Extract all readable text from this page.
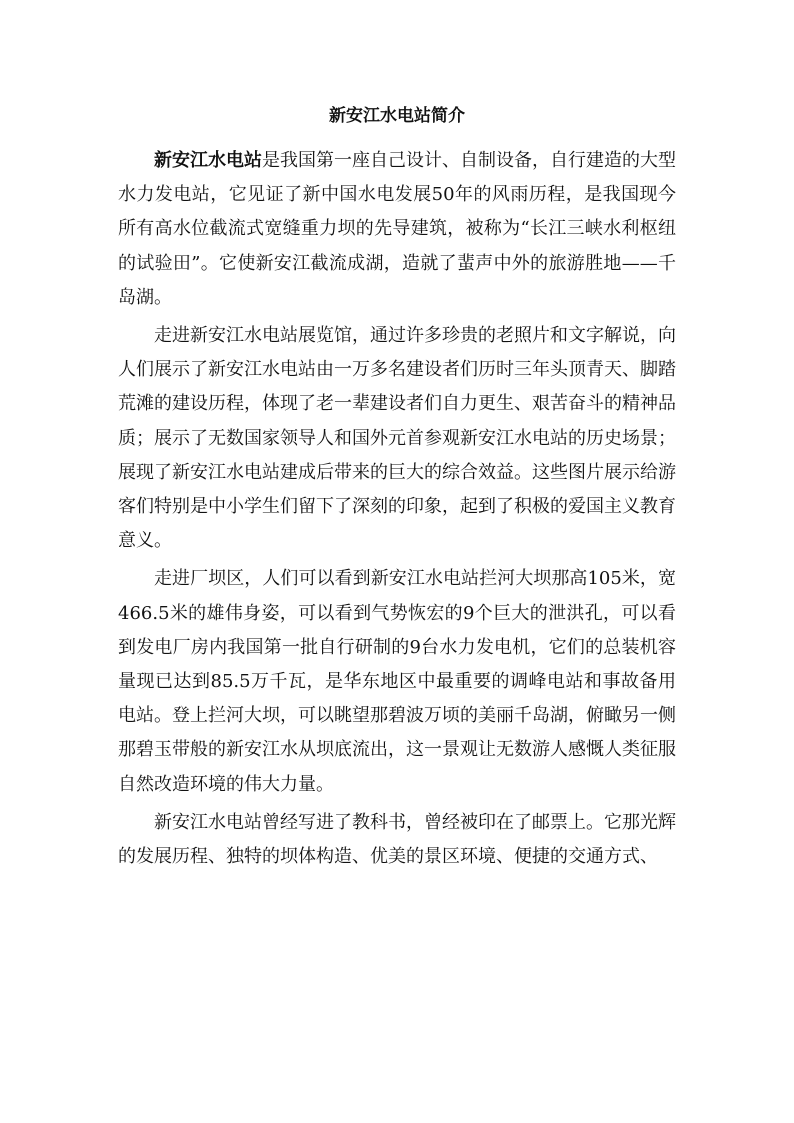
新安江水电站简介

新安江水电站是我国第一座自己设计、自制设备，自行建造的大型水力发电站，它见证了新中国水电发展50年的风雨历程，是我国现今所有高水位截流式宽缝重力坝的先导建筑，被称为“长江三峡水利枢纽的试验田”。它使新安江截流成湖，造就了蜚声中外的旅游胜地——千岛湖。

走进新安江水电站展览馆，通过许多珍贵的老照片和文字解说，向人们展示了新安江水电站由一万多名建设者们历时三年头顶青天、脚踏荒滩的建设历程，体现了老一辈建设者们自力更生、艰苦奋斗的精神品质；展示了无数国家领导人和国外元首参观新安江水电站的历史场景；展现了新安江水电站建成后带来的巨大的综合效益。这些图片展示给游客们特别是中小学生们留下了深刻的印象，起到了积极的爱国主义教育意义。

走进厂坝区，人们可以看到新安江水电站拦河大坝那高105米，宽466.5米的雄伟身姿，可以看到气势恢宏的9个巨大的泄洪孔，可以看到发电厂房内我国第一批自行研制的9台水力发电机，它们的总装机容量现已达到85.5万千瓦，是华东地区中最重要的调峰电站和事故备用电站。登上拦河大坝，可以眺望那碧波万顷的美丽千岛湖，俯瞰另一侧那碧玉带般的新安江水从坝底流出，这一景观让无数游人感慨人类征服自然改造环境的伟大力量。

新安江水电站曾经写进了教科书，曾经被印在了邮票上。它那光辉的发展历程、独特的坝体构造、优美的景区环境、便捷的交通方式、
